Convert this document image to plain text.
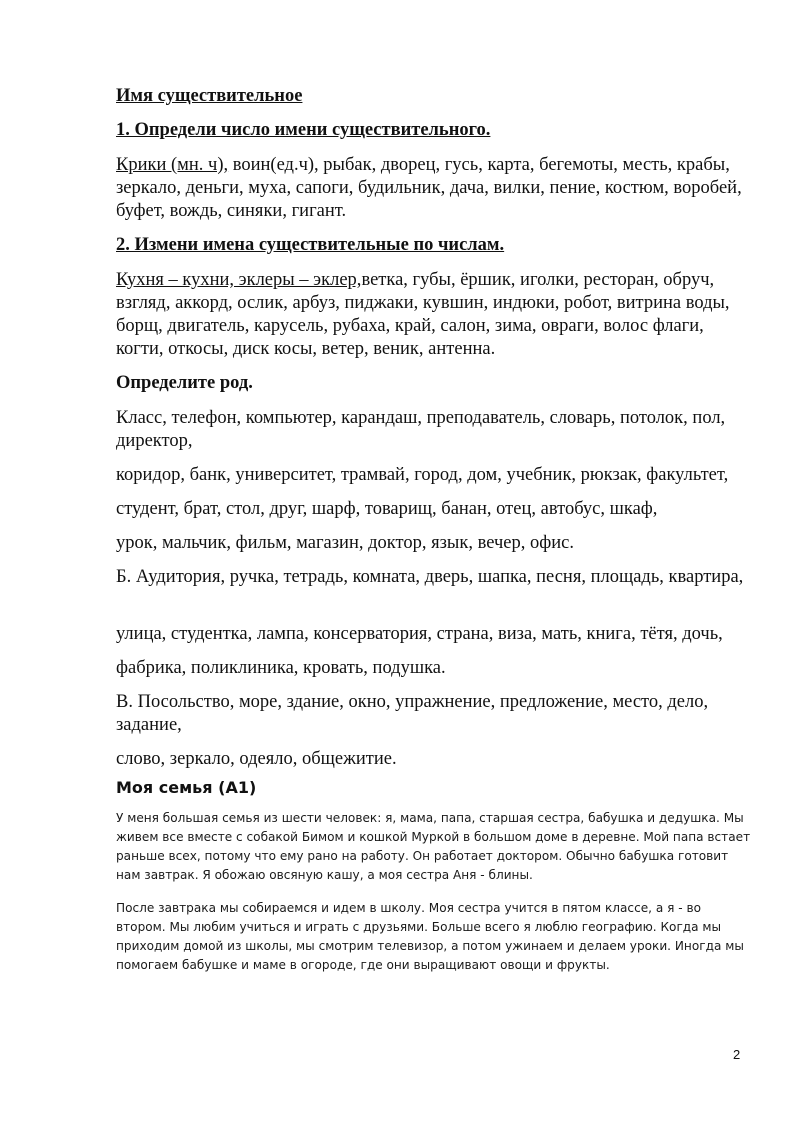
Имя существительное

1. Определи число имени существительного.

Крики (мн. ч), воин(ед.ч), рыбак, дворец, гусь, карта, бегемоты, месть, крабы, зеркало, деньги, муха, сапоги, будильник, дача, вилки, пение, костюм, воробей, буфет, вождь, синяки, гигант.

2. Измени имена существительные по числам.

Кухня – кухни, эклеры – эклер,ветка, губы, ёршик, иголки, ресторан, обруч, взгляд, аккорд, ослик, арбуз, пиджаки, кувшин, индюки, робот, витрина воды, борщ, двигатель, карусель, рубаха, край, салон, зима, овраги, волос флаги, когти, откосы, диск косы, ветер, веник, антенна.

Определите род.

Класс, телефон, компьютер, карандаш, преподаватель, словарь, потолок, пол, директор,

коридор, банк, университет, трамвай, город, дом, учебник, рюкзак, факультет,

студент, брат, стол, друг, шарф, товарищ, банан, отец, автобус, шкаф,

урок, мальчик, фильм, магазин, доктор, язык, вечер, офис.

Б. Аудитория, ручка, тетрадь, комната, дверь, шапка, песня, площадь, квартира,

улица, студентка, лампа, консерватория, страна, виза, мать, книга, тётя, дочь,

фабрика, поликлиника, кровать, подушка.

В. Посольство, море, здание, окно, упражнение, предложение, место, дело, задание,

слово, зеркало, одеяло, общежитие.

Моя семья (А1)

У меня большая семья из шести человек: я, мама, папа, старшая сестра, бабушка и дедушка. Мы живем все вместе с собакой Бимом и кошкой Муркой в большом доме в деревне. Мой папа встает раньше всех, потому что ему рано на работу. Он работает доктором. Обычно бабушка готовит нам завтрак. Я обожаю овсяную кашу, а моя сестра Аня - блины.

После завтрака мы собираемся и идем в школу. Моя сестра учится в пятом классе, а я - во втором. Мы любим учиться и играть с друзьями. Больше всего я люблю географию. Когда мы приходим домой из школы, мы смотрим телевизор, а потом ужинаем и делаем уроки. Иногда мы помогаем бабушке и маме в огороде, где они выращивают овощи и фрукты.

2
